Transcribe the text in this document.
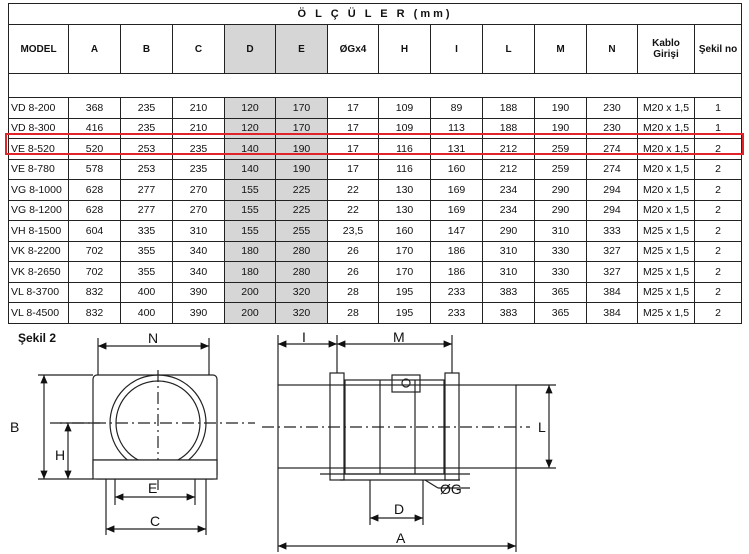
Ö L Ç Ü L E R (mm)													
MODEL	A	B	C	D	E	ØGx4	H	I	L	M	N	Kablo Girişi	Şekil no

VD 8-200	368	235	210	120	170	17	109	89	188	190	230	M20 x 1,5	1
VD 8-300	416	235	210	120	170	17	109	113	188	190	230	M20 x 1,5	1
VE 8-520	520	253	235	140	190	17	116	131	212	259	274	M20 x 1,5	2
VE 8-780	578	253	235	140	190	17	116	160	212	259	274	M20 x 1,5	2
VG 8-1000	628	277	270	155	225	22	130	169	234	290	294	M20 x 1,5	2
VG 8-1200	628	277	270	155	225	22	130	169	234	290	294	M20 x 1,5	2
VH 8-1500	604	335	310	155	255	23,5	160	147	290	310	333	M25 x 1,5	2
VK 8-2200	702	355	340	180	280	26	170	186	310	330	327	M25 x 1,5	2
VK 8-2650	702	355	340	180	280	26	170	186	310	330	327	M25 x 1,5	2
VL 8-3700	832	400	390	200	320	28	195	233	383	365	384	M25 x 1,5	2
VL 8-4500	832	400	390	200	320	28	195	233	383	365	384	M25 x 1,5	2
Şekil 2	N
B
H
E
C
I	M
L
ØG
D
A
